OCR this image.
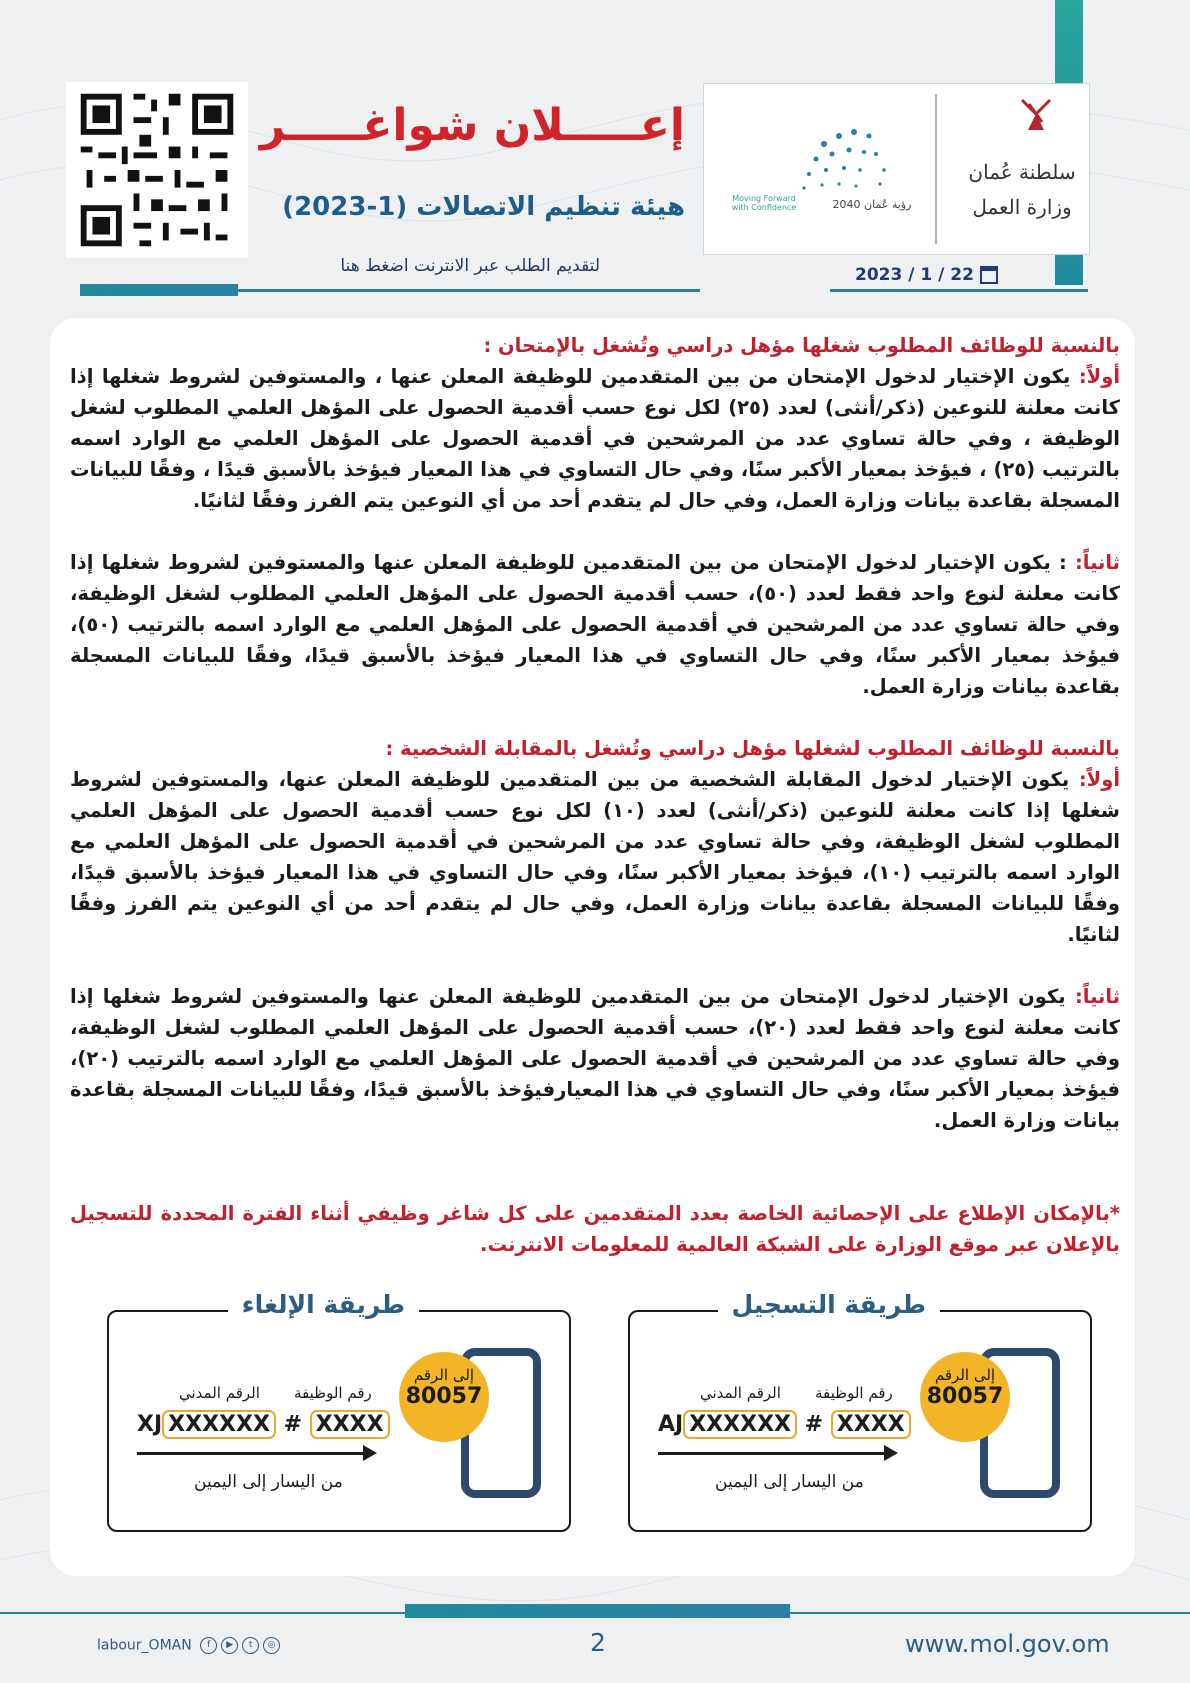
إعـــــلان شواغـــــر
هيئة تنظيم الاتصالات (1-2023)
لتقديم الطلب عبر الانترنت اضغط هنا
سلطنة عُمان
وزارة العمل
رؤية عُمان 2040
Moving Forward
with Confidence
2023 / 1 / 22

بالنسبة للوظائف المطلوب شغلها مؤهل دراسي وتُشغل بالإمتحان :

أولاً: يكون الإختيار لدخول الإمتحان من بين المتقدمين للوظيفة المعلن عنها ، والمستوفين لشروط شغلها إذا كانت معلنة للنوعين (ذكر/أنثى) لعدد (٢٥) لكل نوع حسب أقدمية الحصول على المؤهل العلمي المطلوب لشغل الوظيفة ، وفي حالة تساوي عدد من المرشحين في أقدمية الحصول على المؤهل العلمي مع الوارد اسمه بالترتيب (٢٥) ، فيؤخذ بمعيار الأكبر سنًا، وفي حال التساوي في هذا المعيار فيؤخذ بالأسبق قيدًا ، وفقًا للبيانات المسجلة بقاعدة بيانات وزارة العمل، وفي حال لم يتقدم أحد من أي النوعين يتم الفرز وفقًا لثانيًا.

ثانياً: : يكون الإختيار لدخول الإمتحان من بين المتقدمين للوظيفة المعلن عنها والمستوفين لشروط شغلها إذا كانت معلنة لنوع واحد فقط لعدد (٥٠)، حسب أقدمية الحصول على المؤهل العلمي المطلوب لشغل الوظيفة، وفي حالة تساوي عدد من المرشحين في أقدمية الحصول على المؤهل العلمي مع الوارد اسمه بالترتيب (٥٠)، فيؤخذ بمعيار الأكبر سنًا، وفي حال التساوي في هذا المعيار فيؤخذ بالأسبق قيدًا، وفقًا للبيانات المسجلة بقاعدة بيانات وزارة العمل.

بالنسبة للوظائف المطلوب لشغلها مؤهل دراسي وتُشغل بالمقابلة الشخصية :

أولاً: يكون الإختيار لدخول المقابلة الشخصية من بين المتقدمين للوظيفة المعلن عنها، والمستوفين لشروط شغلها إذا كانت معلنة للنوعين (ذكر/أنثى) لعدد (١٠) لكل نوع حسب أقدمية الحصول على المؤهل العلمي المطلوب لشغل الوظيفة، وفي حالة تساوي عدد من المرشحين في أقدمية الحصول على المؤهل العلمي مع الوارد اسمه بالترتيب (١٠)، فيؤخذ بمعيار الأكبر سنًا، وفي حال التساوي في هذا المعيار فيؤخذ بالأسبق قيدًا، وفقًا للبيانات المسجلة بقاعدة بيانات وزارة العمل، وفي حال لم يتقدم أحد من أي النوعين يتم الفرز وفقًا لثانيًا.

ثانياً: يكون الإختيار لدخول الإمتحان من بين المتقدمين للوظيفة المعلن عنها والمستوفين لشروط شغلها إذا كانت معلنة لنوع واحد فقط لعدد (٢٠)، حسب أقدمية الحصول على المؤهل العلمي المطلوب لشغل الوظيفة، وفي حالة تساوي عدد من المرشحين في أقدمية الحصول على المؤهل العلمي مع الوارد اسمه بالترتيب (٢٠)، فيؤخذ بمعيار الأكبر سنًا، وفي حال التساوي في هذا المعيارفيؤخذ بالأسبق قيدًا، وفقًا للبيانات المسجلة بقاعدة بيانات وزارة العمل.

*بالإمكان الإطلاع على الإحصائية الخاصة بعدد المتقدمين على كل شاغر وظيفي أثناء الفترة المحددة للتسجيل بالإعلان عبر موقع الوزارة على الشبكة العالمية للمعلومات الانترنت.

طريقة الإلغاء
إلى الرقم
80057
رقم الوظيفة
الرقم المدني
XJ XXXXXX # XXXX
من اليسار إلى اليمين
طريقة التسجيل
إلى الرقم
80057
رقم الوظيفة
الرقم المدني
AJ XXXXXX # XXXX
من اليسار إلى اليمين
labour_OMAN f ▶ t ◎	2	www.mol.gov.om
